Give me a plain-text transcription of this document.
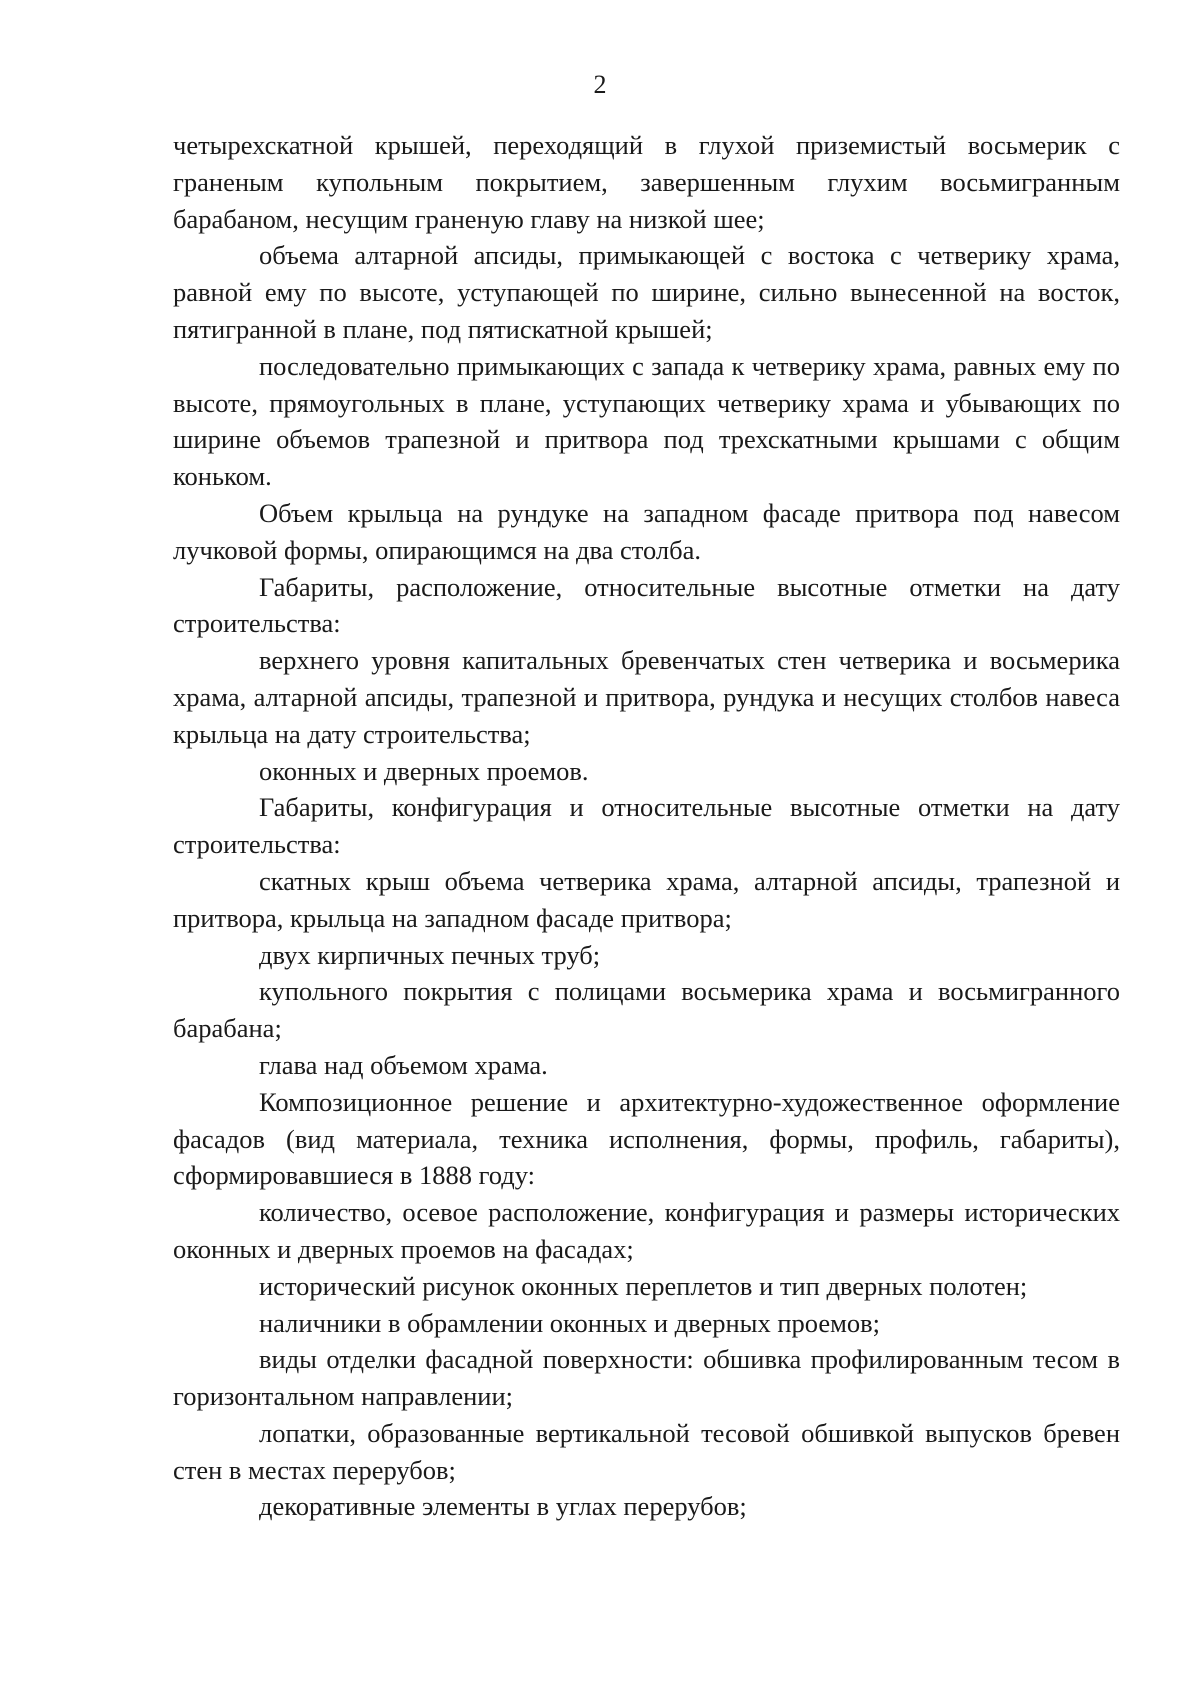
2

четырехскатной крышей, переходящий в глухой приземистый восьмерик с граненым купольным покрытием, завершенным глухим восьмигранным барабаном, несущим граненую главу на низкой шее;

объема алтарной апсиды, примыкающей с востока с четверику храма, равной ему по высоте, уступающей по ширине, сильно вынесенной на восток, пятигранной в плане, под пятискатной крышей;

последовательно примыкающих с запада к четверику храма, равных ему по высоте, прямоугольных в плане, уступающих четверику храма и убывающих по ширине объемов трапезной и притвора под трехскатными крышами с общим коньком.

Объем крыльца на рундуке на западном фасаде притвора под навесом лучковой формы, опирающимся на два столба.

Габариты, расположение, относительные высотные отметки на дату строительства:

верхнего уровня капитальных бревенчатых стен четверика и восьмерика храма, алтарной апсиды, трапезной и притвора, рундука и несущих столбов навеса крыльца на дату строительства;

оконных и дверных проемов.

Габариты, конфигурация и относительные высотные отметки на дату строительства:

скатных крыш объема четверика храма, алтарной апсиды, трапезной и притвора, крыльца на западном фасаде притвора;

двух кирпичных печных труб;

купольного покрытия с полицами восьмерика храма и восьмигранного барабана;

глава над объемом храма.

Композиционное решение и архитектурно-художественное оформление фасадов (вид материала, техника исполнения, формы, профиль, габариты), сформировавшиеся в 1888 году:

количество, осевое расположение, конфигурация и размеры исторических оконных и дверных проемов на фасадах;

исторический рисунок оконных переплетов и тип дверных полотен;

наличники в обрамлении оконных и дверных проемов;

виды отделки фасадной поверхности: обшивка профилированным тесом в горизонтальном направлении;

лопатки, образованные вертикальной тесовой обшивкой выпусков бревен стен в местах перерубов;

декоративные элементы в углах перерубов;
